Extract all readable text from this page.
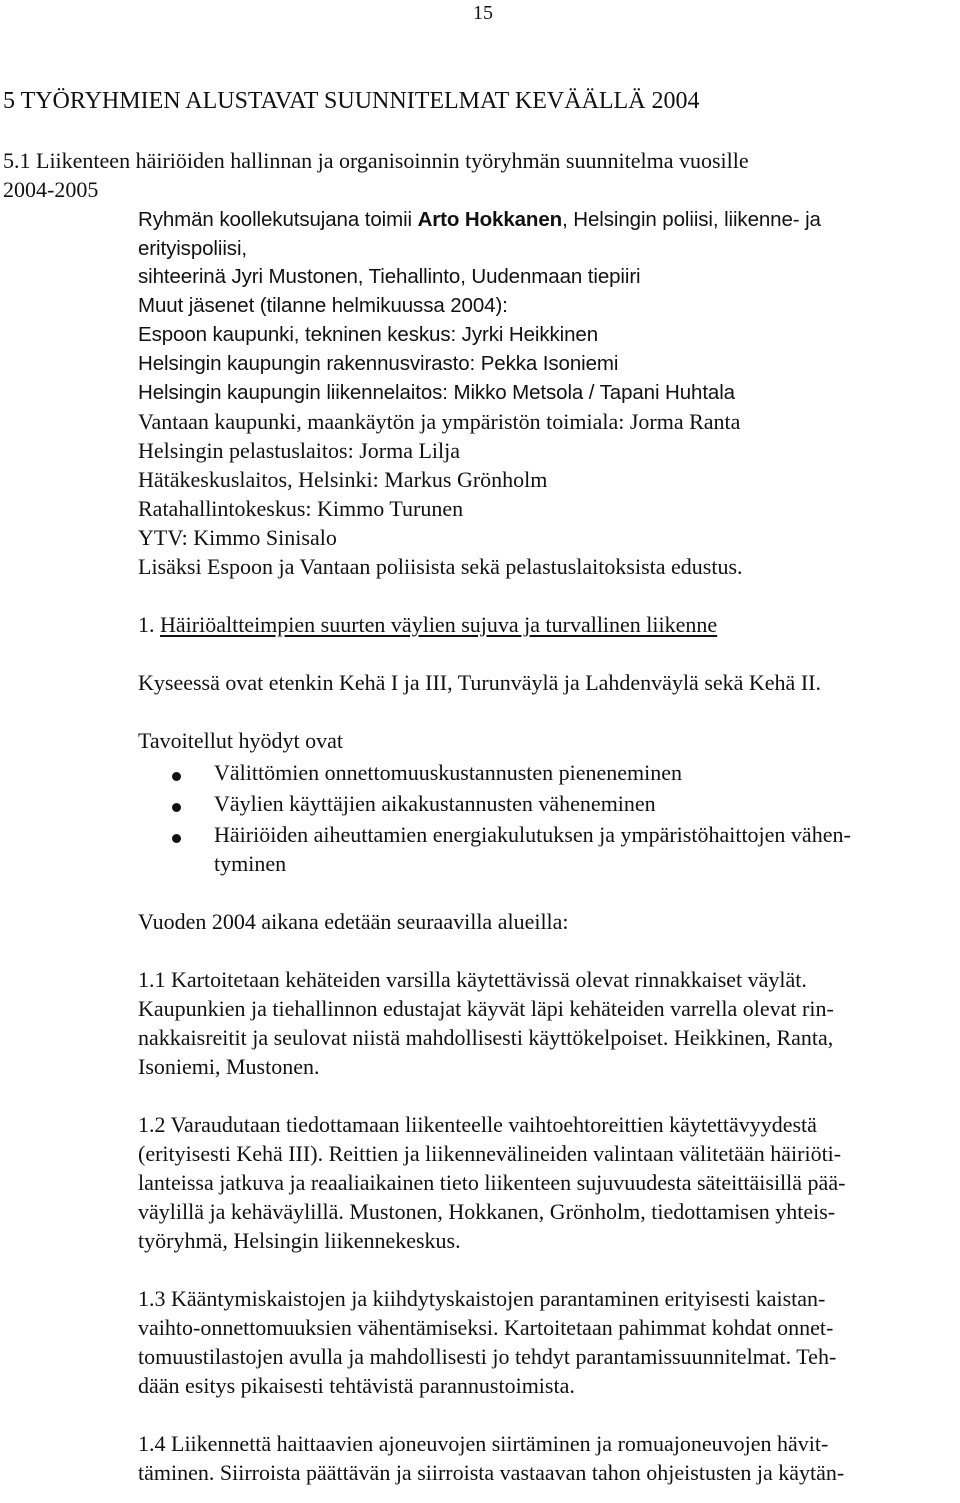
15
5 TYÖRYHMIEN ALUSTAVAT SUUNNITELMAT KEVÄÄLLÄ 2004
5.1 Liikenteen häiriöiden hallinnan ja organisoinnin työryhmän suunnitelma vuosille
2004-2005
Ryhmän koollekutsujana toimii Arto Hokkanen, Helsingin poliisi, liikenne- ja
erityispoliisi,
sihteerinä Jyri Mustonen, Tiehallinto, Uudenmaan tiepiiri
Muut jäsenet (tilanne helmikuussa 2004):
Espoon kaupunki, tekninen keskus: Jyrki Heikkinen
Helsingin kaupungin rakennusvirasto: Pekka Isoniemi
Helsingin kaupungin liikennelaitos: Mikko Metsola / Tapani Huhtala
Vantaan kaupunki, maankäytön ja ympäristön toimiala: Jorma Ranta
Helsingin pelastuslaitos: Jorma Lilja
Hätäkeskuslaitos, Helsinki: Markus Grönholm
Ratahallintokeskus: Kimmo Turunen
YTV: Kimmo Sinisalo
Lisäksi Espoon ja Vantaan poliisista sekä pelastuslaitoksista edustus.
1. Häiriöaltteimpien suurten väylien sujuva ja turvallinen liikenne
Kyseessä ovat etenkin Kehä I ja III, Turunväylä ja Lahdenväylä sekä Kehä II.
Tavoitellut hyödyt ovat
Välittömien onnettomuuskustannusten pieneneminen
Väylien käyttäjien aikakustannusten väheneminen
Häiriöiden aiheuttamien energiakulutuksen ja ympäristöhaittojen vähen-
tyminen
Vuoden 2004 aikana edetään seuraavilla alueilla:
1.1 Kartoitetaan kehäteiden varsilla käytettävissä olevat rinnakkaiset väylät.
Kaupunkien ja tiehallinnon edustajat käyvät läpi kehäteiden varrella olevat rin-
nakkaisreitit ja seulovat niistä mahdollisesti käyttökelpoiset. Heikkinen, Ranta,
Isoniemi, Mustonen.
1.2 Varaudutaan tiedottamaan liikenteelle vaihtoehtoreittien käytettävyydestä
(erityisesti Kehä III). Reittien ja liikennevälineiden valintaan välitetään häiriöti-
lanteissa jatkuva ja reaaliaikainen tieto liikenteen sujuvuudesta säteittäisillä pää-
väylillä ja kehäväylillä. Mustonen, Hokkanen, Grönholm, tiedottamisen yhteis-
työryhmä, Helsingin liikennekeskus.
1.3 Kääntymiskaistojen ja kiihdytyskaistojen parantaminen erityisesti kaistan-
vaihto-onnettomuuksien vähentämiseksi. Kartoitetaan pahimmat kohdat onnet-
tomuustilastojen avulla ja mahdollisesti jo tehdyt parantamissuunnitelmat. Teh-
dään esitys pikaisesti tehtävistä parannustoimista.
1.4 Liikennettä haittaavien ajoneuvojen siirtäminen ja romuajoneuvojen hävit-
täminen. Siirroista päättävän ja siirroista vastaavan tahon ohjeistusten ja käytän-
